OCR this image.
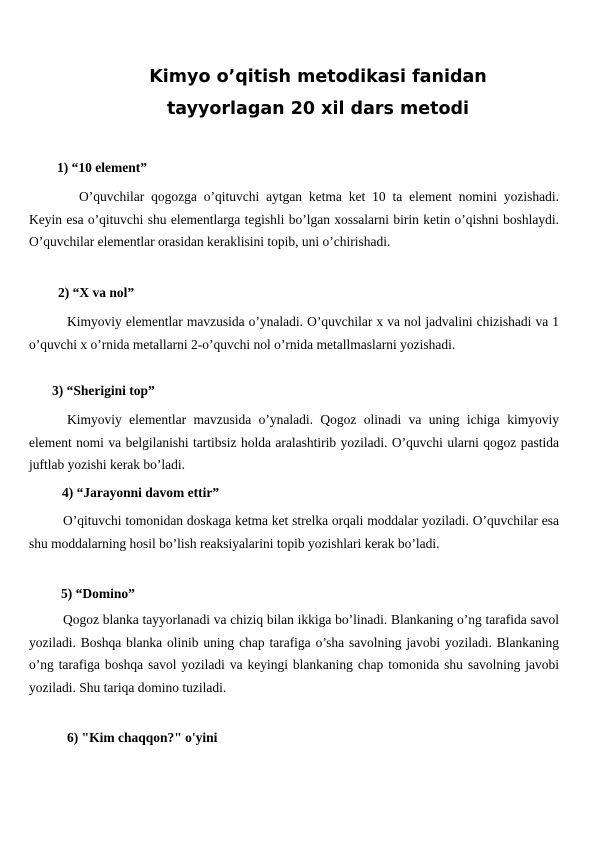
Kimyo o’qitish metodikasi fanidan
tayyorlagan 20 xil dars metodi
1) “10 element”

O’quvchilar qogozga o’qituvchi aytgan ketma ket 10 ta element nomini yozishadi. Keyin esa o’qituvchi shu elementlarga tegishli bo’lgan xossalarni birin ketin o’qishni boshlaydi. O’quvchilar elementlar orasidan keraklisini topib, uni o’chirishadi.

2) “X va nol”

Kimyoviy elementlar mavzusida o’ynaladi. O’quvchilar x va nol jadvalini chizishadi va 1 o’quvchi x o’rnida metallarni 2-o’quvchi nol o’rnida metallmaslarni yozishadi.

3) “Sherigini top”

Kimyoviy elementlar mavzusida o’ynaladi. Qogoz olinadi va uning ichiga kimyoviy element nomi va belgilanishi tartibsiz holda aralashtirib yoziladi. O’quvchi ularni qogoz pastida juftlab yozishi kerak bo’ladi.

4) “Jarayonni davom ettir”

O’qituvchi tomonidan doskaga ketma ket strelka orqali moddalar yoziladi. O’quvchilar esa shu moddalarning hosil bo’lish reaksiyalarini topib yozishlari kerak bo’ladi.

5) “Domino”

Qogoz blanka tayyorlanadi va chiziq bilan ikkiga bo’linadi. Blankaning o’ng tarafida savol yoziladi. Boshqa blanka olinib uning chap tarafiga o’sha savolning javobi yoziladi. Blankaning o’ng tarafiga boshqa savol yoziladi va keyingi blankaning chap tomonida shu savolning javobi yoziladi. Shu tariqa domino tuziladi.

6) "Kim chaqqon?" o'yini
